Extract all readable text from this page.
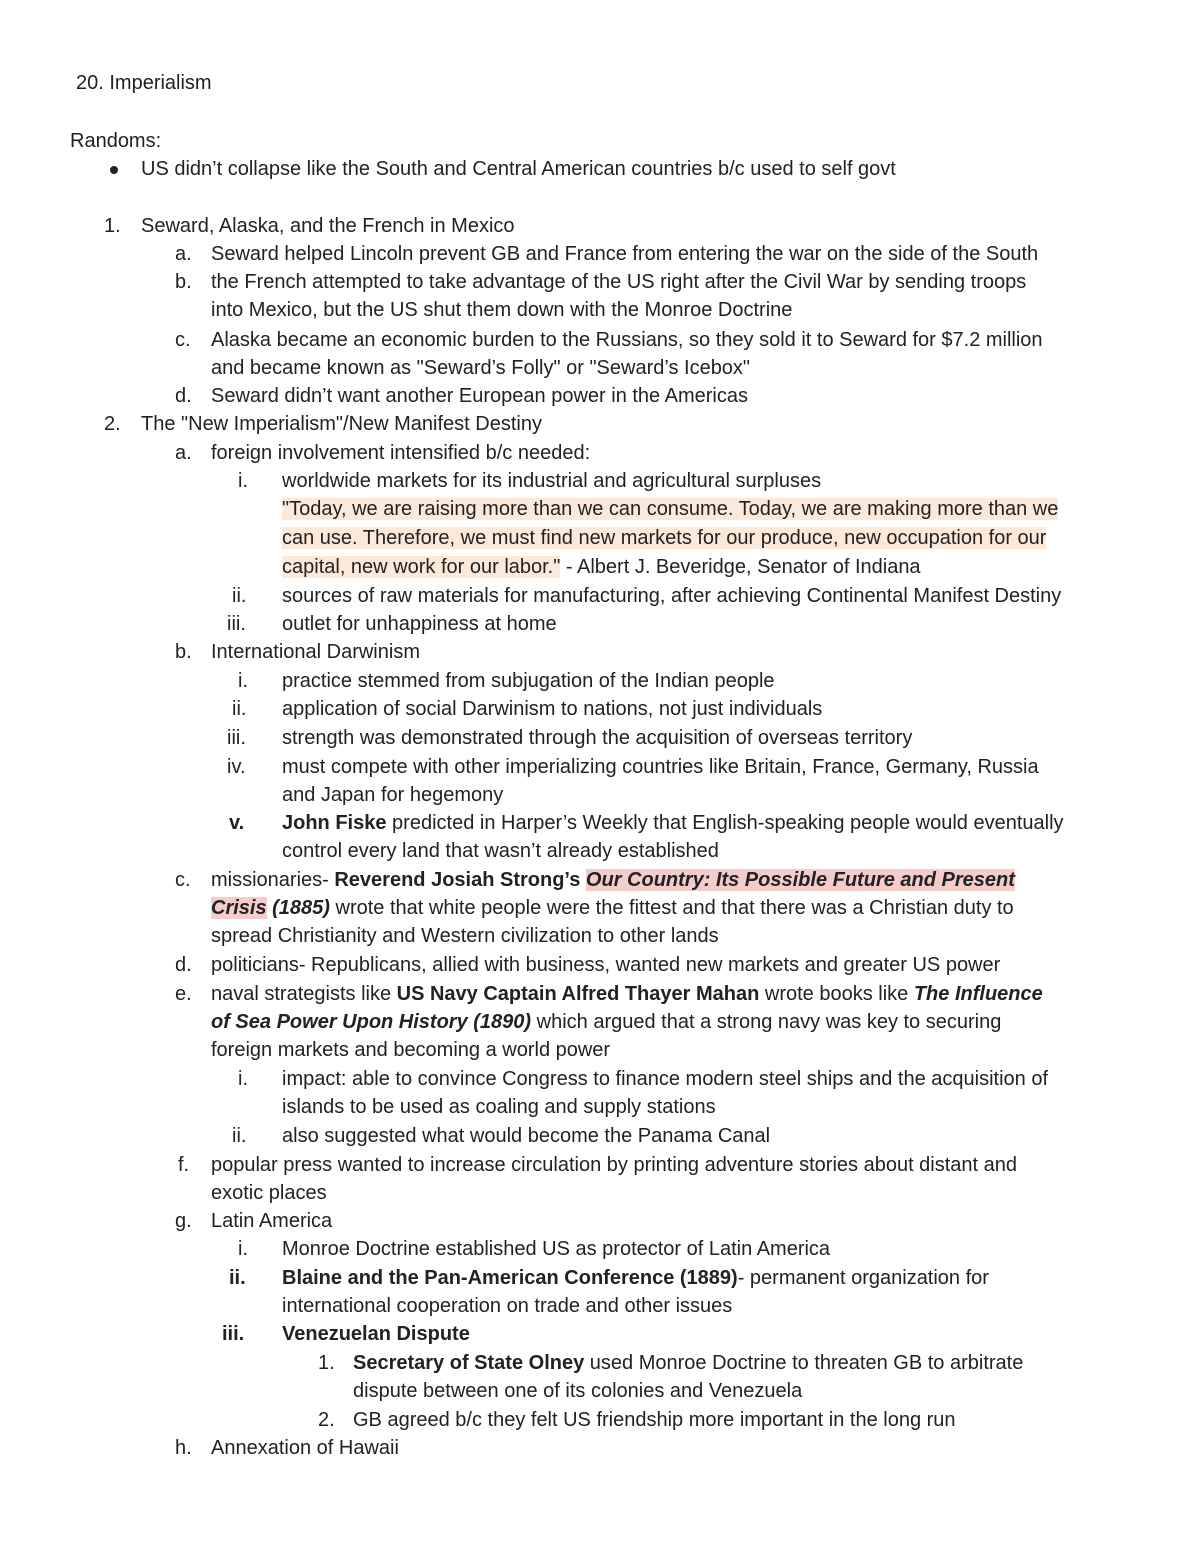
20. Imperialism
Randoms:
US didn’t collapse like the South and Central American countries b/c used to self govt
1. Seward, Alaska, and the French in Mexico
a. Seward helped Lincoln prevent GB and France from entering the war on the side of the South
b. the French attempted to take advantage of the US right after the Civil War by sending troops
into Mexico, but the US shut them down with the Monroe Doctrine
c. Alaska became an economic burden to the Russians, so they sold it to Seward for $7.2 million
and became known as "Seward’s Folly" or "Seward’s Icebox"
d. Seward didn’t want another European power in the Americas
2. The "New Imperialism"/New Manifest Destiny
a. foreign involvement intensified b/c needed:
i. worldwide markets for its industrial and agricultural surpluses
"Today, we are raising more than we can consume. Today, we are making more than we
can use. Therefore, we must find new markets for our produce, new occupation for our
capital, new work for our labor." - Albert J. Beveridge, Senator of Indiana
ii. sources of raw materials for manufacturing, after achieving Continental Manifest Destiny
iii. outlet for unhappiness at home
b. International Darwinism
i. practice stemmed from subjugation of the Indian people
ii. application of social Darwinism to nations, not just individuals
iii. strength was demonstrated through the acquisition of overseas territory
iv. must compete with other imperializing countries like Britain, France, Germany, Russia
and Japan for hegemony
v. John Fiske predicted in Harper’s Weekly that English-speaking people would eventually
control every land that wasn’t already established
c. missionaries- Reverend Josiah Strong’s Our Country: Its Possible Future and Present
Crisis (1885) wrote that white people were the fittest and that there was a Christian duty to
spread Christianity and Western civilization to other lands
d. politicians- Republicans, allied with business, wanted new markets and greater US power
e. naval strategists like US Navy Captain Alfred Thayer Mahan wrote books like The Influence
of Sea Power Upon History (1890) which argued that a strong navy was key to securing
foreign markets and becoming a world power
i. impact: able to convince Congress to finance modern steel ships and the acquisition of
islands to be used as coaling and supply stations
ii. also suggested what would become the Panama Canal
f. popular press wanted to increase circulation by printing adventure stories about distant and
exotic places
g. Latin America
i. Monroe Doctrine established US as protector of Latin America
ii. Blaine and the Pan-American Conference (1889)- permanent organization for
international cooperation on trade and other issues
iii. Venezuelan Dispute
1. Secretary of State Olney used Monroe Doctrine to threaten GB to arbitrate
dispute between one of its colonies and Venezuela
2. GB agreed b/c they felt US friendship more important in the long run
h. Annexation of Hawaii
